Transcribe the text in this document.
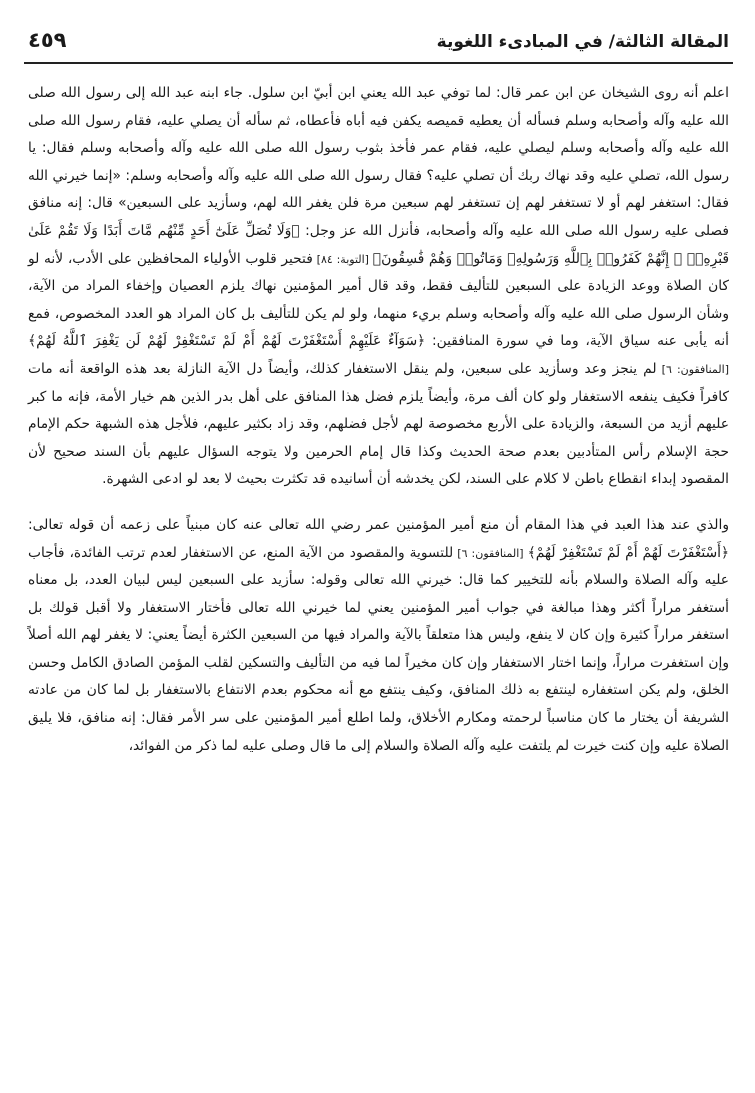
المقالة الثالثة/ في المبادىء اللغوية
٤٥٩

اعلم أنه روى الشيخان عن ابن عمر قال: لما توفي عبد الله يعني ابن أبيّ ابن سلول. جاء ابنه عبد الله إلى رسول الله صلى الله عليه وآله وأصحابه وسلم فسأله أن يعطيه قميصه يكفن فيه أباه فأعطاه، ثم سأله أن يصلي عليه، فقام رسول الله صلى الله عليه وآله وأصحابه وسلم ليصلي عليه، فقام عمر فأخذ بثوب رسول الله صلى الله عليه وآله وأصحابه وسلم فقال: يا رسول الله، تصلي عليه وقد نهاك ربك أن تصلي عليه؟ فقال رسول الله صلى الله عليه وآله وأصحابه وسلم: «إنما خيرني الله فقال: استغفر لهم أو لا تستغفر لهم إن تستغفر لهم سبعين مرة فلن يغفر الله لهم، وسأزيد على السبعين» قال: إنه منافق فصلى عليه رسول الله صلى الله عليه وآله وأصحابه، فأنزل الله عز وجل: ﴿وَلَا تُصَلِّ عَلَىٰٓ أَحَدٍ مِّنْهُم مَّاتَ أَبَدًا وَلَا تَقُمْ عَلَىٰ قَبْرِهِۦٓ ۖ إِنَّهُمْ كَفَرُوا۟ بِٱللَّهِ وَرَسُولِهِۦ وَمَاتُوا۟ وَهُمْ فَٰسِقُونَ﴾ [التوبة: ٨٤] فتحير قلوب الأولياء المحافظين على الأدب، لأنه لو كان الصلاة ووعد الزيادة على السبعين للتأليف فقط، وقد قال أمير المؤمنين نهاك يلزم العصيان وإخفاء المراد من الآية، وشأن الرسول صلى الله عليه وآله وأصحابه وسلم بريء منهما، ولو لم يكن للتأليف بل كان المراد هو العدد المخصوص، فمع أنه يأبى عنه سياق الآية، وما في سورة المنافقين: ﴿سَوَآءٌ عَلَيْهِمْ أَسْتَغْفَرْتَ لَهُمْ أَمْ لَمْ تَسْتَغْفِرْ لَهُمْ لَن يَغْفِرَ ٱللَّهُ لَهُمْ﴾ [المنافقون: ٦] لم ينجز وعد وسأزيد على سبعين، ولم ينقل الاستغفار كذلك، وأيضاً دل الآية النازلة بعد هذه الواقعة أنه مات كافراً فكيف ينفعه الاستغفار ولو كان ألف مرة، وأيضاً يلزم فضل هذا المنافق على أهل بدر الذين هم خيار الأمة، فإنه ما كبر عليهم أزيد من السبعة، والزيادة على الأربع مخصوصة لهم لأجل فضلهم، وقد زاد بكثير عليهم، فلأجل هذه الشبهة حكم الإمام حجة الإسلام رأس المتأدبين بعدم صحة الحديث وكذا قال إمام الحرمين ولا يتوجه السؤال عليهم بأن السند صحيح لأن المقصود إبداء انقطاع باطن لا كلام على السند، لكن يخدشه أن أسانيده قد تكثرت بحيث لا بعد لو ادعى الشهرة.

والذي عند هذا العبد في هذا المقام أن منع أمير المؤمنين عمر رضي الله تعالى عنه كان مبنياً على زعمه أن قوله تعالى: ﴿أَسْتَغْفَرْتَ لَهُمْ أَمْ لَمْ تَسْتَغْفِرْ لَهُمْ﴾ [المنافقون: ٦] للتسوية والمقصود من الآية المنع، عن الاستغفار لعدم ترتب الفائدة، فأجاب عليه وآله الصلاة والسلام بأنه للتخيير كما قال: خيرني الله تعالى وقوله: سأزيد على السبعين ليس لبيان العدد، بل معناه أستغفر مراراً أكثر وهذا مبالغة في جواب أمير المؤمنين يعني لما خيرني الله تعالى فأختار الاستغفار ولا أقبل قولك بل استغفر مراراً كثيرة وإن كان لا ينفع، وليس هذا متعلقاً بالآية والمراد فيها من السبعين الكثرة أيضاً يعني: لا يغفر لهم الله أصلاً وإن استغفرت مراراً، وإنما اختار الاستغفار وإن كان مخيراً لما فيه من التأليف والتسكين لقلب المؤمن الصادق الكامل وحسن الخلق، ولم يكن استغفاره لينتفع به ذلك المنافق، وكيف ينتفع مع أنه محكوم بعدم الانتفاع بالاستغفار بل لما كان من عادته الشريفة أن يختار ما كان مناسباً لرحمته ومكارم الأخلاق، ولما اطلع أمير المؤمنين على سر الأمر فقال: إنه منافق، فلا يليق الصلاة عليه وإن كنت خيرت لم يلتفت عليه وآله الصلاة والسلام إلى ما قال وصلى عليه لما ذكر من الفوائد،
